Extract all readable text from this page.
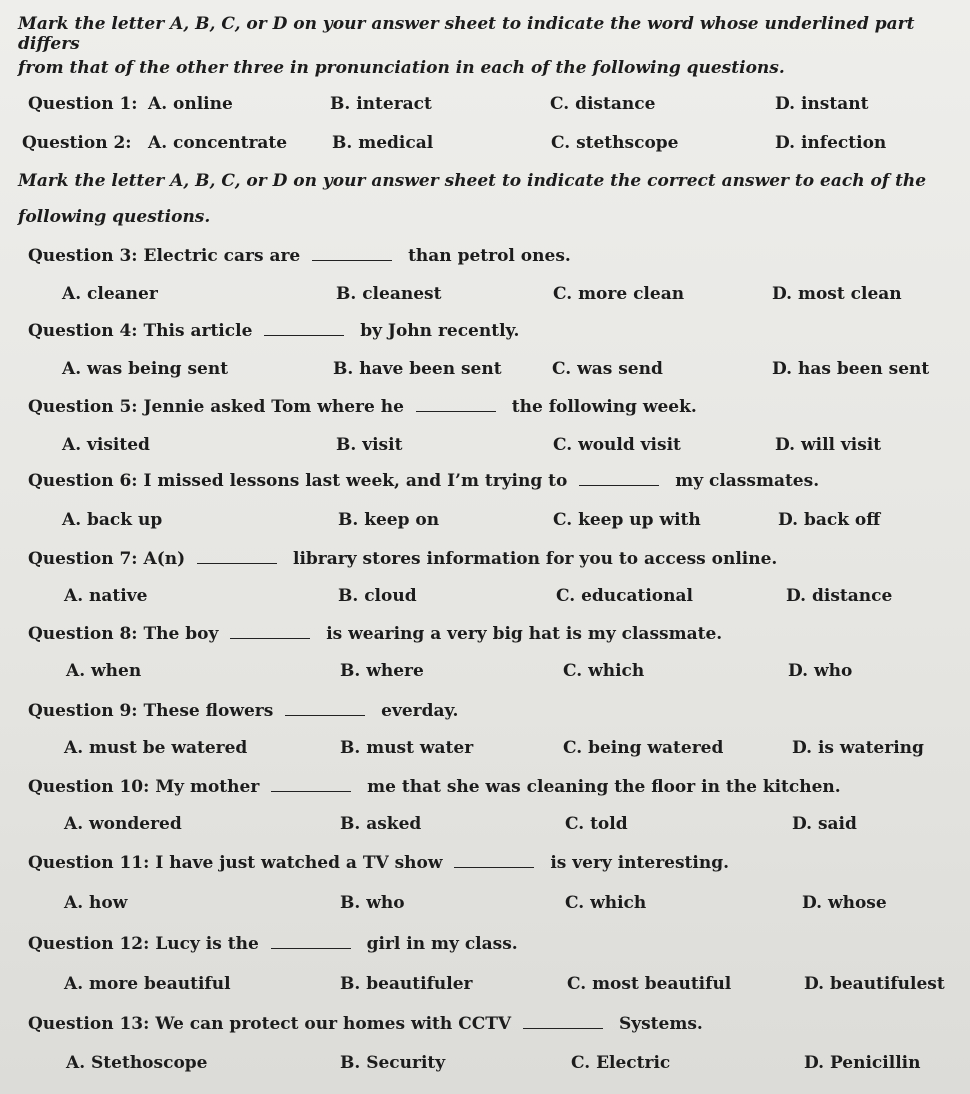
Mark the letter A, B, C, or D on your answer sheet to indicate the word whose underlined part differs
from that of the other three in pronunciation in each of the following questions.
Question 1: A. online	B. interact	C. distance	D. instant
Question 2: A. concentrate	B. medical	C. stethscope	D. infection
Mark the letter A, B, C, or D on your answer sheet to indicate the correct answer to each of the
following questions.
Question 3: Electric cars are	than petrol ones.
A. cleaner	B. cleanest	C. more clean	D. most clean
Question 4: This article	by John recently.
A. was being sent	B. have been sent	C. was send	D. has been sent
Question 5: Jennie asked Tom where he	the following week.
A. visited	B. visit	C. would visit	D. will visit
Question 6: I missed lessons last week, and I’m trying to	my classmates.
A. back up	B. keep on	C. keep up with	D. back off
Question 7: A(n)	library stores information for you to access online.
A. native	B. cloud	C. educational	D. distance
Question 8: The boy	is wearing a very big hat is my classmate.
A. when	B. where	C. which	D. who
Question 9: These flowers	everday.
A. must be watered	B. must water	C. being watered	D. is watering
Question 10: My mother	me that she was cleaning the floor in the kitchen.
A. wondered	B. asked	C. told	D. said
Question 11: I have just watched a TV show	is very interesting.
A. how	B. who	C. which	D. whose
Question 12: Lucy is the	girl in my class.
A. more beautiful	B. beautifuler	C. most beautiful	D. beautifulest
Question 13: We can protect our homes with CCTV	Systems.
A. Stethoscope	B. Security	C. Electric	D. Penicillin
